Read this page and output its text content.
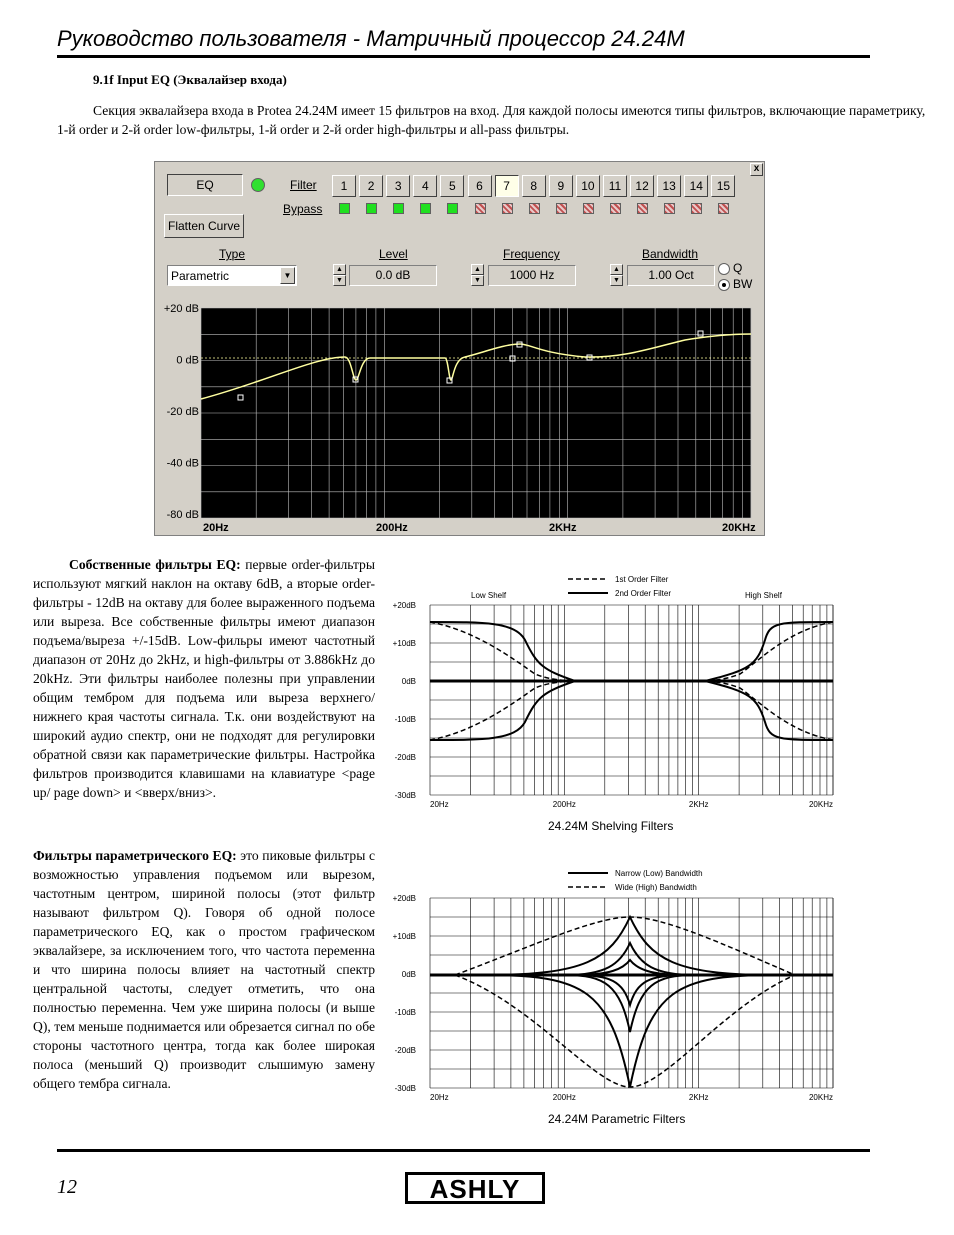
Руководство пользователя - Матричный процессор 24.24M
9.1f Input EQ (Эквалайзер входа)
Секция эквалайзера входа в Protea 24.24M имеет 15 фильтров на вход. Для каждой полосы имеются типы фильтров, включающие параметрику, 1-й order и 2-й order low-фильтры, 1-й order и 2-й order high-фильтры и all-pass фильтры.
x
EQ	Filter
Bypass
1	2	3	4	5	6	7	8	9	10	11	12	13	14	15
Flatten Curve
Type
Parametric	▼
Level
▲
▼	0.0 dB
Frequency
▲
▼	1000 Hz
Bandwidth
▲
▼	1.00 Oct	Q
BW
+20 dB
0 dB
-20 dB
-40 dB
-80 dB
20Hz	200Hz	2KHz	20KHz
Собственные фильтры EQ: первые order-фильтры используют мягкий наклон на октаву 6dB, а вторые order-фильтры - 12dB на октаву для более выраженного подъема или выреза. Все собственные фильтры имеют диапазон подъема/выреза +/-15dB. Low-фильры имеют частотный диапазон от 20Hz до 2kHz, и high-фильтры от 3.886kHz до 20kHz. Эти фильтры наиболее полезны при управлении общим тембром для подъема или выреза верхнего/нижнего края частоты сигнала. Т.к. они воздействуют на широкий аудио спектр, они не подходят для регулировки обратной связи как параметрические фильтры. Настройка фильтров производится клавишами на клавиатуре <page up/ page down> и <вверх/вниз>.
Фильтры параметрического EQ: это пиковые фильтры с возможностью управления подъемом или вырезом, частотным центром, шириной полосы (этот фильтр называют фильтром Q). Говоря об одной полосе параметрического EQ, как о простом графическом эквалайзере, за исключением того, что частота переменна и что ширина полосы влияет на частотный спектр центральной частоты, следует отметить, что она полностью переменна. Чем уже ширина полосы (и выше Q), тем меньше поднимается или обрезается сигнал по обе стороны частотного центра, тогда как более широкая полоса (меньший Q) производит слышимую замену общего тембра сигнала.
+20dB
+10dB
0dB
-10dB
-20dB
-30dB
20Hz	200Hz	2KHz	20KHz
1st Order Filter
2nd Order Filter
Low Shelf	High Shelf
24.24M Shelving Filters
+20dB
+10dB
0dB
-10dB
-20dB
-30dB
20Hz	200Hz	2KHz	20KHz
Narrow (Low) Bandwidth
Wide (High) Bandwidth
24.24M Parametric Filters
12	ASHLY
